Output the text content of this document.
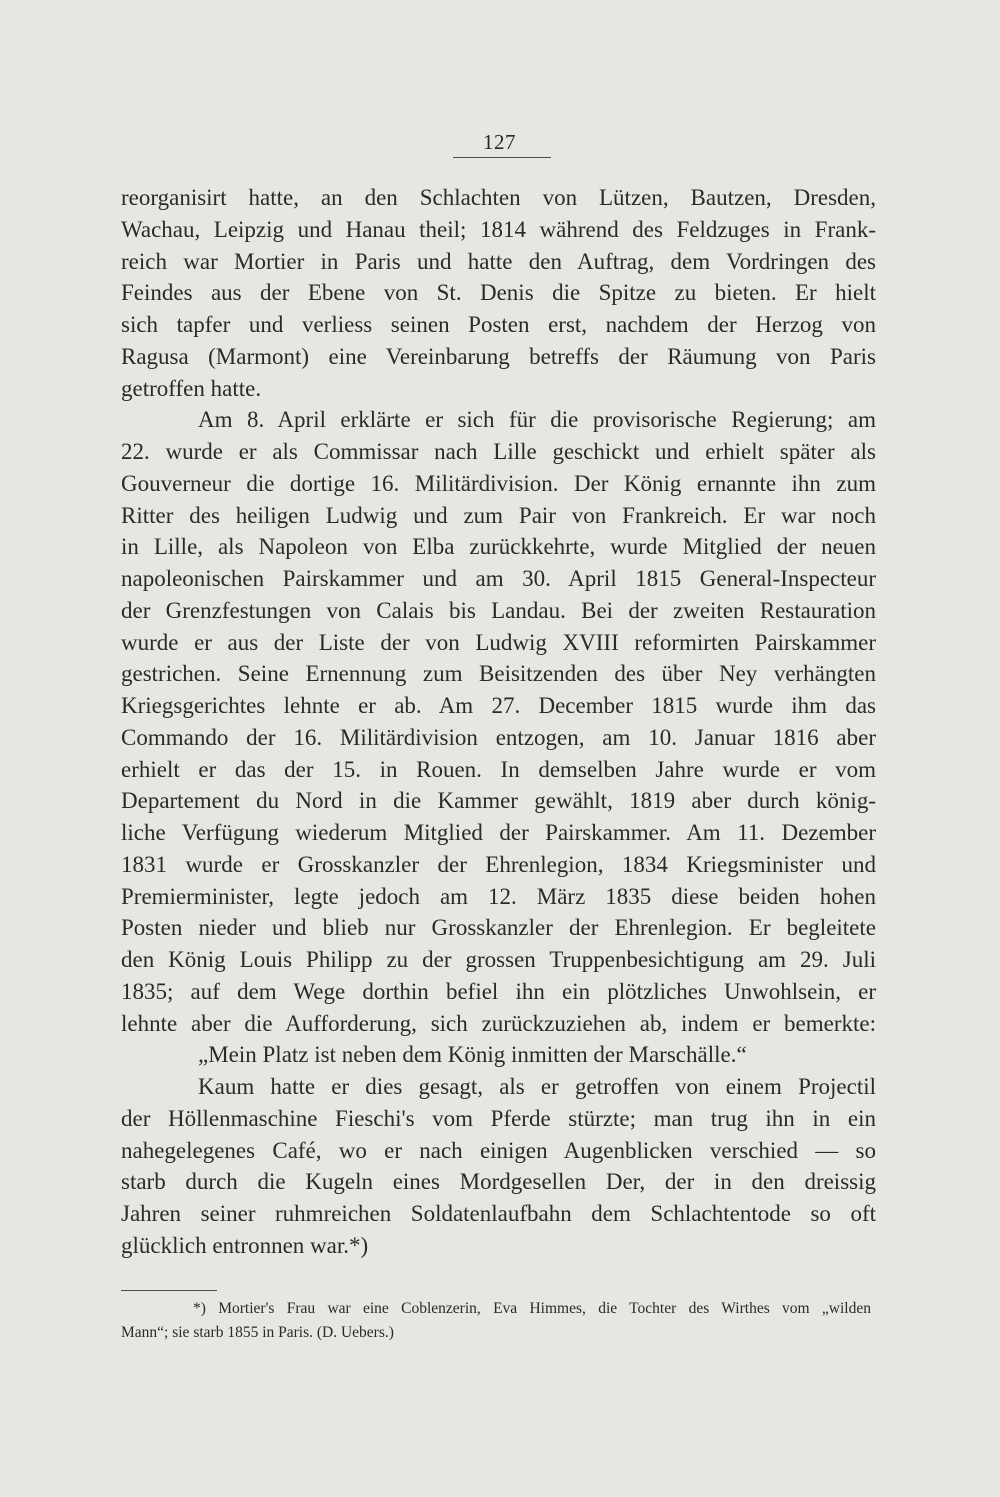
127
reorganisirt hatte, an den Schlachten von Lützen, Bautzen, Dresden,
Wachau, Leipzig und Hanau theil; 1814 während des Feldzuges in Frank-
reich war Mortier in Paris und hatte den Auftrag, dem Vordringen des
Feindes aus der Ebene von St. Denis die Spitze zu bieten. Er hielt
sich tapfer und verliess seinen Posten erst, nachdem der Herzog von
Ragusa (Marmont) eine Vereinbarung betreffs der Räumung von Paris
getroffen hatte.
Am 8. April erklärte er sich für die provisorische Regierung; am
22. wurde er als Commissar nach Lille geschickt und erhielt später als
Gouverneur die dortige 16. Militärdivision. Der König ernannte ihn zum
Ritter des heiligen Ludwig und zum Pair von Frankreich. Er war noch
in Lille, als Napoleon von Elba zurückkehrte, wurde Mitglied der neuen
napoleonischen Pairskammer und am 30. April 1815 General-Inspecteur
der Grenzfestungen von Calais bis Landau. Bei der zweiten Restauration
wurde er aus der Liste der von Ludwig XVIII reformirten Pairskammer
gestrichen. Seine Ernennung zum Beisitzenden des über Ney verhängten
Kriegsgerichtes lehnte er ab. Am 27. December 1815 wurde ihm das
Commando der 16. Militärdivision entzogen, am 10. Januar 1816 aber
erhielt er das der 15. in Rouen. In demselben Jahre wurde er vom
Departement du Nord in die Kammer gewählt, 1819 aber durch könig-
liche Verfügung wiederum Mitglied der Pairskammer. Am 11. Dezember
1831 wurde er Grosskanzler der Ehrenlegion, 1834 Kriegsminister und
Premierminister, legte jedoch am 12. März 1835 diese beiden hohen
Posten nieder und blieb nur Grosskanzler der Ehrenlegion. Er begleitete
den König Louis Philipp zu der grossen Truppenbesichtigung am 29. Juli
1835; auf dem Wege dorthin befiel ihn ein plötzliches Unwohlsein, er
lehnte aber die Aufforderung, sich zurückzuziehen ab, indem er bemerkte:
„Mein Platz ist neben dem König inmitten der Marschälle.“
Kaum hatte er dies gesagt, als er getroffen von einem Projectil
der Höllenmaschine Fieschi's vom Pferde stürzte; man trug ihn in ein
nahegelegenes Café, wo er nach einigen Augenblicken verschied — so
starb durch die Kugeln eines Mordgesellen Der, der in den dreissig
Jahren seiner ruhmreichen Soldatenlaufbahn dem Schlachtentode so oft
glücklich entronnen war.*)
*) Mortier's Frau war eine Coblenzerin, Eva Himmes, die Tochter des Wirthes vom „wilden
Mann“; sie starb 1855 in Paris. (D. Uebers.)
